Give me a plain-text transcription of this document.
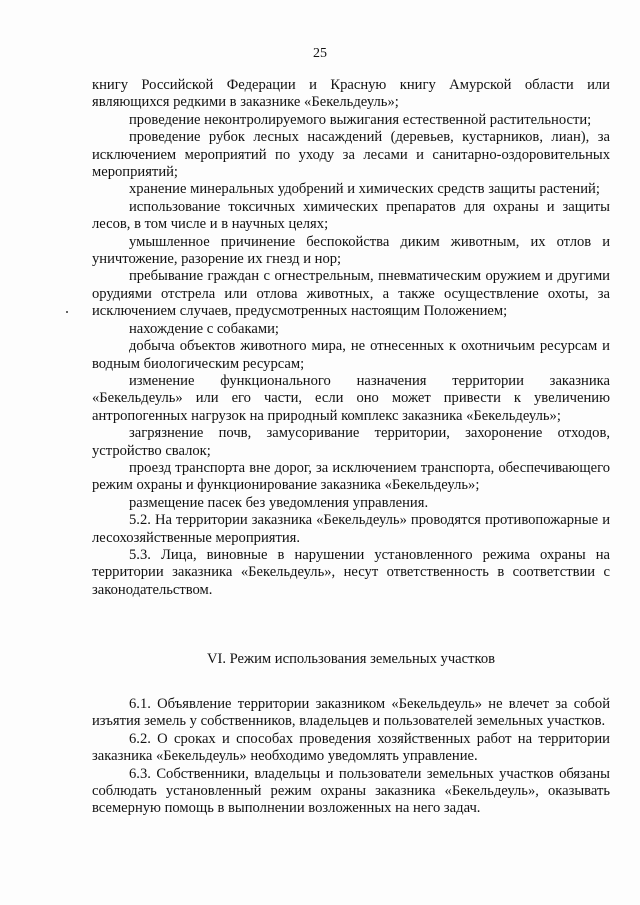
25

книгу Российской Федерации и Красную книгу Амурской области или являющихся редкими в заказнике «Бекельдеуль»;

проведение неконтролируемого выжигания естественной растительности;

проведение рубок лесных насаждений (деревьев, кустарников, лиан), за исключением мероприятий по уходу за лесами и санитарно-оздоровительных мероприятий;

хранение минеральных удобрений и химических средств защиты растений;

использование токсичных химических препаратов для охраны и защиты лесов, в том числе и в научных целях;

умышленное причинение беспокойства диким животным, их отлов и уничтожение, разорение их гнезд и нор;

пребывание граждан с огнестрельным, пневматическим оружием и другими орудиями отстрела или отлова животных, а также осуществление охоты, за исключением случаев, предусмотренных настоящим Положением;

нахождение с собаками;

добыча объектов животного мира, не отнесенных к охотничьим ресурсам и водным биологическим ресурсам;

изменение функционального назначения территории заказника «Бекельдеуль» или его части, если оно может привести к увеличению антропогенных нагрузок на природный комплекс заказника «Бекельдеуль»;

загрязнение почв, замусоривание территории, захоронение отходов, устройство свалок;

проезд транспорта вне дорог, за исключением транспорта, обеспечивающего режим охраны и функционирование заказника «Бекельдеуль»;

размещение пасек без уведомления управления.

5.2. На территории заказника «Бекельдеуль» проводятся противопожарные и лесохозяйственные мероприятия.

5.3. Лица, виновные в нарушении установленного режима охраны на территории заказника «Бекельдеуль», несут ответственность в соответствии с законодательством.

VI. Режим использования земельных участков

6.1. Объявление территории заказником «Бекельдеуль» не влечет за собой изъятия земель у собственников, владельцев и пользователей земельных участков.

6.2. О сроках и способах проведения хозяйственных работ на территории заказника «Бекельдеуль» необходимо уведомлять управление.

6.3. Собственники, владельцы и пользователи земельных участков обязаны соблюдать установленный режим охраны заказника «Бекельдеуль», оказывать всемерную помощь в выполнении возложенных на него задач.
